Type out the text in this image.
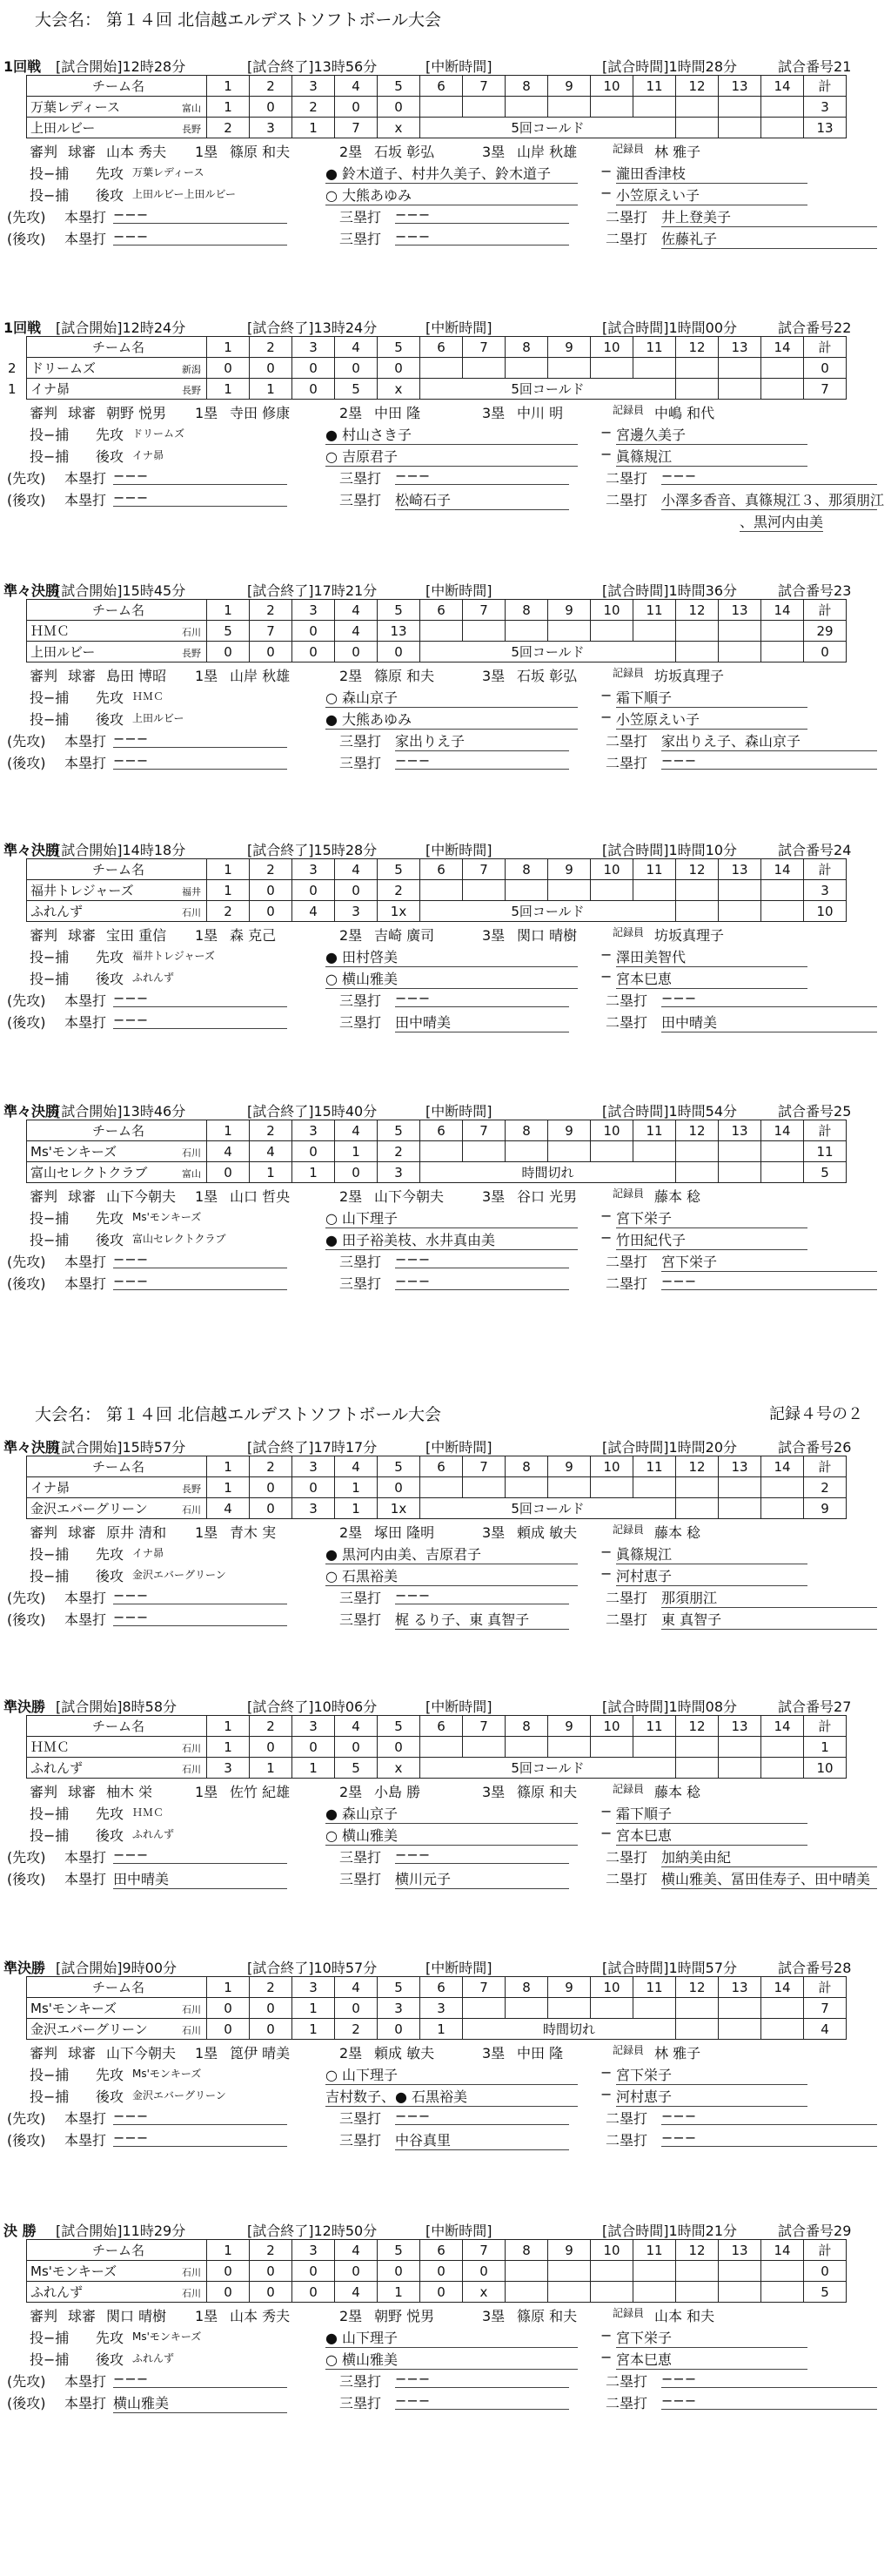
大会名： 第１４回 北信越エルデストソフトボール大会
大会名： 第１４回 北信越エルデストソフトボール大会	記録４号の２
1回戦 [試合開始]12時28分	[試合終了]13時56分	[中断時間]	[試合時間]1時間28分	試合番号21
チーム名	1	2	3	4	5	6	7	8	9	10	11	12	13	14	計
万葉レディース 富山	1	0	2	0	0										3
上田ルビー 長野	2	3	1	7	x	5回コールド									13
審判 球審 山本 秀夫 1塁 篠原 和夫	2塁 石坂 彰弘	3塁 山岸 秋雄	記録員 林 雅子
投−捕 先攻 万葉レディース	● 鈴木道子、村井久美子、鈴木道子	− 瀧田香津枝
投−捕 後攻 上田ルビー上田ルビー	○ 大熊あゆみ	− 小笠原えい子
(先攻) 本塁打 −−−	三塁打 −−−	二塁打 井上登美子
(後攻) 本塁打 −−−	三塁打 −−−	二塁打 佐藤礼子
1回戦 [試合開始]12時24分	[試合終了]13時24分	[中断時間]	[試合時間]1時間00分	試合番号22
チーム名	1	2	3	4	5	6	7	8	9	10	11	12	13	14	計

2 ドリームズ 新潟	0	0	0	0	0										0

1 イナ昴 長野	1	1	0	5	x	5回コールド									7
審判 球審 朝野 悦男 1塁 寺田 修康	2塁 中田 隆	3塁 中川 明	記録員 中嶋 和代
投−捕 先攻 ドリームズ	● 村山さき子	− 宮邊久美子
投−捕 後攻 イナ昴	○ 吉原君子	− 眞篠規江
(先攻) 本塁打 −−−	三塁打 −−−	二塁打 −−−
(後攻) 本塁打 −−−	三塁打 松崎石子	二塁打 小澤多香音、真篠規江３、那須朋江
、黒河内由美
準々決勝
[試合開始]15時45分	[試合終了]17時21分	[中断時間]	[試合時間]1時間36分	試合番号23
チーム名	1	2	3	4	5	6	7	8	9	10	11	12	13	14	計
ＨＭＣ 石川	5	7	0	4	13										29
上田ルビー 長野	0	0	0	0	0	5回コールド									0
審判 球審 島田 博昭 1塁 山岸 秋雄	2塁 篠原 和夫	3塁 石坂 彰弘	記録員 坊坂真理子
投−捕 先攻 ＨＭＣ	○ 森山京子	− 霜下順子
投−捕 後攻 上田ルビー	● 大熊あゆみ	− 小笠原えい子
(先攻) 本塁打 −−−	三塁打 家出りえ子	二塁打 家出りえ子、森山京子
(後攻) 本塁打 −−−	三塁打 −−−	二塁打 −−−
準々決勝
[試合開始]14時18分	[試合終了]15時28分	[中断時間]	[試合時間]1時間10分	試合番号24
チーム名	1	2	3	4	5	6	7	8	9	10	11	12	13	14	計
福井トレジャーズ 福井	1	0	0	0	2										3
ふれんず 石川	2	0	4	3	1x	5回コールド									10
審判 球審 宝田 重信 1塁 森 克己	2塁 吉崎 廣司	3塁 関口 晴樹	記録員 坊坂真理子
投−捕 先攻 福井トレジャーズ	● 田村啓美	− 澤田美智代
投−捕 後攻 ふれんず	○ 横山雅美	− 宮本巳恵
(先攻) 本塁打 −−−	三塁打 −−−	二塁打 −−−
(後攻) 本塁打 −−−	三塁打 田中晴美	二塁打 田中晴美
準々決勝
[試合開始]13時46分	[試合終了]15時40分	[中断時間]	[試合時間]1時間54分	試合番号25
チーム名	1	2	3	4	5	6	7	8	9	10	11	12	13	14	計
Ms'モンキーズ 石川	4	4	0	1	2										11
富山セレクトクラブ 富山	0	1	1	0	3	時間切れ									5
審判 球審 山下今朝夫 1塁 山口 哲央	2塁 山下今朝夫	3塁 谷口 光男	記録員 藤本 稔
投−捕 先攻 Ms'モンキーズ	○ 山下理子	− 宮下栄子
投−捕 後攻 富山セレクトクラブ	● 田子裕美枝、水井真由美	− 竹田紀代子
(先攻) 本塁打 −−−	三塁打 −−−	二塁打 宮下栄子
(後攻) 本塁打 −−−	三塁打 −−−	二塁打 −−−
準々決勝
[試合開始]15時57分	[試合終了]17時17分	[中断時間]	[試合時間]1時間20分	試合番号26
チーム名	1	2	3	4	5	6	7	8	9	10	11	12	13	14	計
イナ昴 長野	1	0	0	1	0										2
金沢エバーグリーン 石川	4	0	3	1	1x	5回コールド									9
審判 球審 原井 清和 1塁 青木 実	2塁 塚田 隆明	3塁 頼成 敏夫	記録員 藤本 稔
投−捕 先攻 イナ昴	● 黒河内由美、吉原君子	− 眞篠規江
投−捕 後攻 金沢エバーグリーン	○ 石黒裕美	− 河村恵子
(先攻) 本塁打 −−−	三塁打 −−−	二塁打 那須朋江
(後攻) 本塁打 −−−	三塁打 梶 るり子、東 真智子	二塁打 東 真智子
準決勝 [試合開始]8時58分	[試合終了]10時06分	[中断時間]	[試合時間]1時間08分	試合番号27
チーム名	1	2	3	4	5	6	7	8	9	10	11	12	13	14	計
ＨＭＣ 石川	1	0	0	0	0										1
ふれんず 石川	3	1	1	5	x	5回コールド									10
審判 球審 柚木 栄	1塁 佐竹 紀雄	2塁 小島 勝	3塁 篠原 和夫	記録員 藤本 稔
投−捕 先攻 ＨＭＣ	● 森山京子	− 霜下順子
投−捕 後攻 ふれんず	○ 横山雅美	− 宮本巳恵
(先攻) 本塁打 −−−	三塁打 −−−	二塁打 加納美由紀
(後攻) 本塁打 田中晴美	三塁打 横川元子	二塁打 横山雅美、冨田佳寿子、田中晴美
準決勝 [試合開始]9時00分	[試合終了]10時57分	[中断時間]	[試合時間]1時間57分	試合番号28
チーム名	1	2	3	4	5	6	7	8	9	10	11	12	13	14	計
Ms'モンキーズ 石川	0	0	1	0	3	3									7
金沢エバーグリーン 石川	0	0	1	2	0	1	時間切れ								4
審判 球審 山下今朝夫 1塁 箆伊 晴美	2塁 頼成 敏夫	3塁 中田 隆	記録員 林 雅子
投−捕 先攻 Ms'モンキーズ	○ 山下理子	− 宮下栄子
投−捕 後攻 金沢エバーグリーン	吉村数子、● 石黒裕美	− 河村恵子
(先攻) 本塁打 −−−	三塁打 −−−	二塁打 −−−
(後攻) 本塁打 −−−	三塁打 中谷真里	二塁打 −−−
決 勝 [試合開始]11時29分	[試合終了]12時50分	[中断時間]	[試合時間]1時間21分	試合番号29
チーム名	1	2	3	4	5	6	7	8	9	10	11	12	13	14	計
Ms'モンキーズ 石川	0	0	0	0	0	0	0								0
ふれんず 石川	0	0	0	4	1	0	x								5
審判 球審 関口 晴樹 1塁 山本 秀夫	2塁 朝野 悦男	3塁 篠原 和夫	記録員 山本 和夫
投−捕 先攻 Ms'モンキーズ	● 山下理子	− 宮下栄子
投−捕 後攻 ふれんず	○ 横山雅美	− 宮本巳恵
(先攻) 本塁打 −−−	三塁打 −−−	二塁打 −−−
(後攻) 本塁打 横山雅美	三塁打 −−−	二塁打 −−−
